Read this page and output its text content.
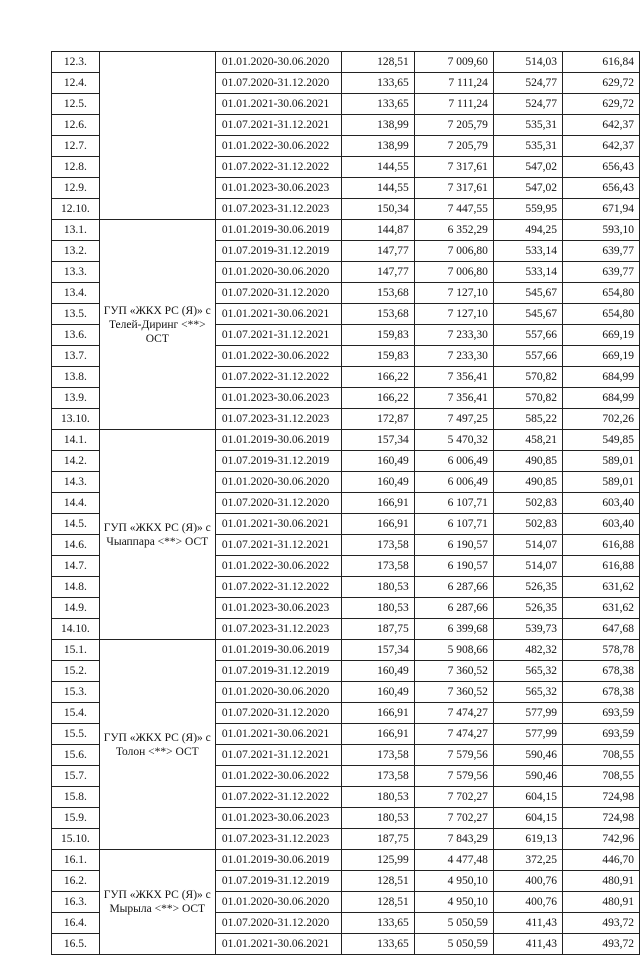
12.3.		01.01.2020-30.06.2020	128,51	7 009,60	514,03	616,84
12.4.		01.07.2020-31.12.2020	133,65	7 111,24	524,77	629,72
12.5.		01.01.2021-30.06.2021	133,65	7 111,24	524,77	629,72
12.6.		01.07.2021-31.12.2021	138,99	7 205,79	535,31	642,37
12.7.		01.01.2022-30.06.2022	138,99	7 205,79	535,31	642,37
12.8.		01.07.2022-31.12.2022	144,55	7 317,61	547,02	656,43
12.9.		01.01.2023-30.06.2023	144,55	7 317,61	547,02	656,43
12.10.		01.07.2023-31.12.2023	150,34	7 447,55	559,95	671,94
13.1.	ГУП «ЖКХ РС (Я)» с Телей-Диринг <**> ОСТ	01.01.2019-30.06.2019	144,87	6 352,29	494,25	593,10
13.2.		01.07.2019-31.12.2019	147,77	7 006,80	533,14	639,77
13.3.		01.01.2020-30.06.2020	147,77	7 006,80	533,14	639,77
13.4.		01.07.2020-31.12.2020	153,68	7 127,10	545,67	654,80
13.5.		01.01.2021-30.06.2021	153,68	7 127,10	545,67	654,80
13.6.		01.07.2021-31.12.2021	159,83	7 233,30	557,66	669,19
13.7.		01.01.2022-30.06.2022	159,83	7 233,30	557,66	669,19
13.8.		01.07.2022-31.12.2022	166,22	7 356,41	570,82	684,99
13.9.		01.01.2023-30.06.2023	166,22	7 356,41	570,82	684,99
13.10.		01.07.2023-31.12.2023	172,87	7 497,25	585,22	702,26
14.1.	ГУП «ЖКХ РС (Я)» с Чыаппара <**> ОСТ	01.01.2019-30.06.2019	157,34	5 470,32	458,21	549,85
14.2.		01.07.2019-31.12.2019	160,49	6 006,49	490,85	589,01
14.3.		01.01.2020-30.06.2020	160,49	6 006,49	490,85	589,01
14.4.		01.07.2020-31.12.2020	166,91	6 107,71	502,83	603,40
14.5.		01.01.2021-30.06.2021	166,91	6 107,71	502,83	603,40
14.6.		01.07.2021-31.12.2021	173,58	6 190,57	514,07	616,88
14.7.		01.01.2022-30.06.2022	173,58	6 190,57	514,07	616,88
14.8.		01.07.2022-31.12.2022	180,53	6 287,66	526,35	631,62
14.9.		01.01.2023-30.06.2023	180,53	6 287,66	526,35	631,62
14.10.		01.07.2023-31.12.2023	187,75	6 399,68	539,73	647,68
15.1.	ГУП «ЖКХ РС (Я)» с Толон <**> ОСТ	01.01.2019-30.06.2019	157,34	5 908,66	482,32	578,78
15.2.		01.07.2019-31.12.2019	160,49	7 360,52	565,32	678,38
15.3.		01.01.2020-30.06.2020	160,49	7 360,52	565,32	678,38
15.4.		01.07.2020-31.12.2020	166,91	7 474,27	577,99	693,59
15.5.		01.01.2021-30.06.2021	166,91	7 474,27	577,99	693,59
15.6.		01.07.2021-31.12.2021	173,58	7 579,56	590,46	708,55
15.7.		01.01.2022-30.06.2022	173,58	7 579,56	590,46	708,55
15.8.		01.07.2022-31.12.2022	180,53	7 702,27	604,15	724,98
15.9.		01.01.2023-30.06.2023	180,53	7 702,27	604,15	724,98
15.10.		01.07.2023-31.12.2023	187,75	7 843,29	619,13	742,96
16.1.	ГУП «ЖКХ РС (Я)» с Мырыла <**> ОСТ	01.01.2019-30.06.2019	125,99	4 477,48	372,25	446,70
16.2.		01.07.2019-31.12.2019	128,51	4 950,10	400,76	480,91
16.3.		01.01.2020-30.06.2020	128,51	4 950,10	400,76	480,91
16.4.		01.07.2020-31.12.2020	133,65	5 050,59	411,43	493,72
16.5.		01.01.2021-30.06.2021	133,65	5 050,59	411,43	493,72
